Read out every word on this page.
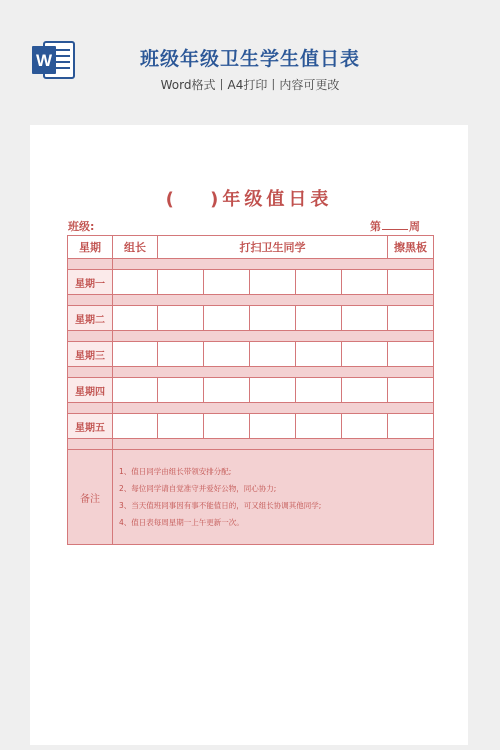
W	班级年级卫生学生值日表
Word格式丨A4打印丨内容可更改
(　 )年级值日表
班级:	第	周
星期	组长	打扫卫生同学					擦黑板

星期一							

星期二							

星期三							

星期四							

星期五							

备注	1、值日同学由组长带领安排分配;
2、每位同学请自觉准守并爱好公物，同心协力;
3、当天值班同事因有事不能值日的，可又组长协调其他同学;
4、值日表每周星期一上午更新一次。						
